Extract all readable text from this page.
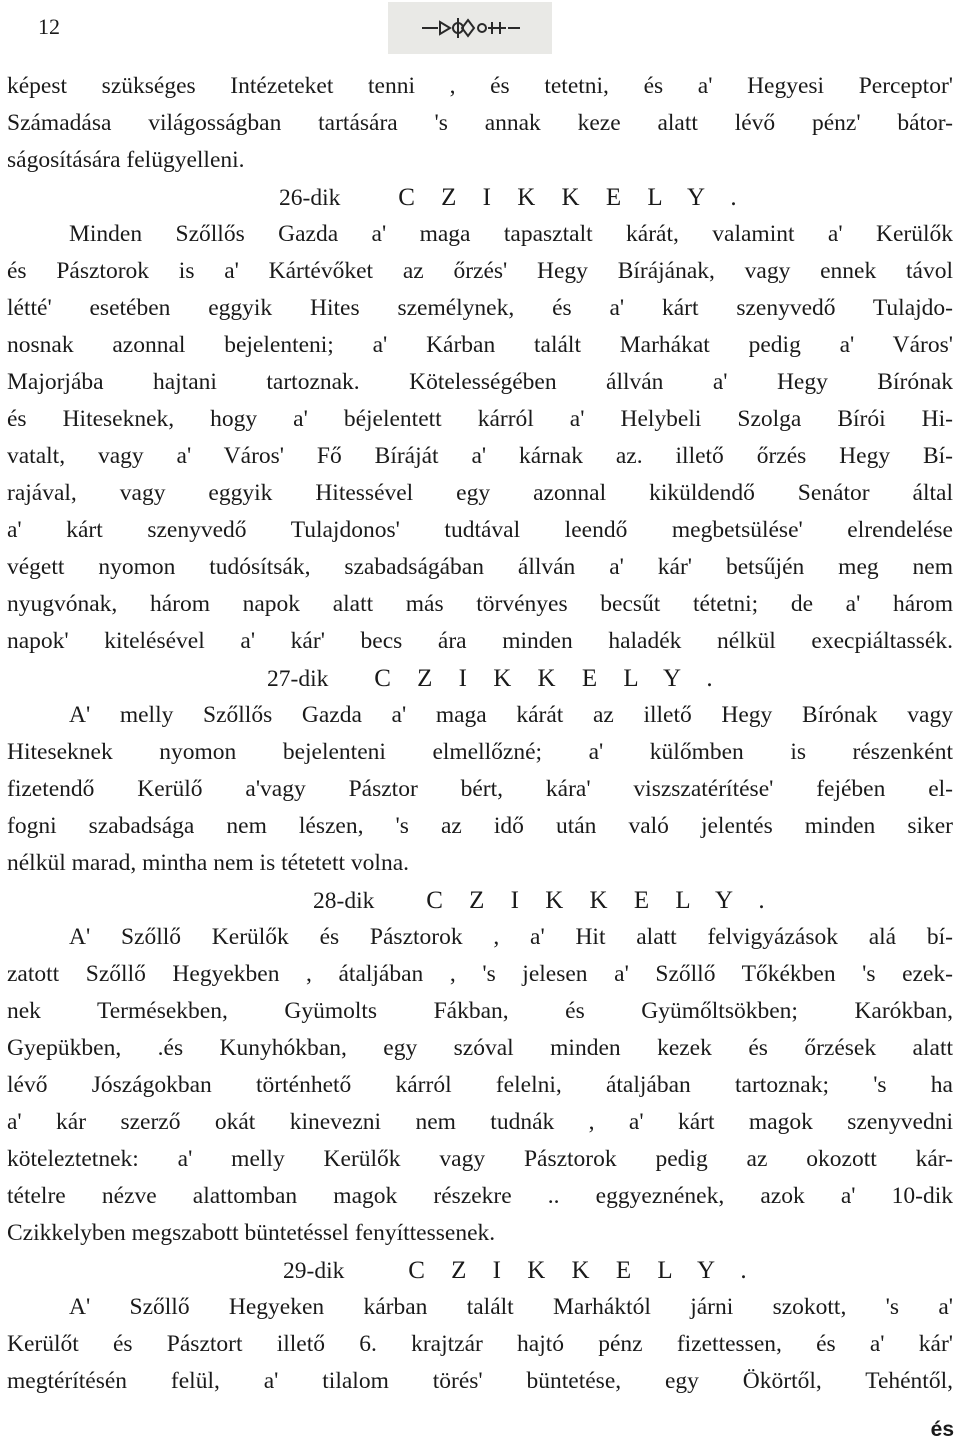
12
képest szükséges Intézeteket tenni , és tetetni, és a' Hegyesi Perceptor'
Számadása világosságban tartására 's annak keze alatt lévő pénz' bátor-
ságosítására felügyelleni.
26-dik C Z I K K E L Y .
Minden Szőllős Gazda a' maga tapasztalt kárát, valamint a' Kerülők
és Pásztorok is a' Kártévőket az őrzés' Hegy Bírájának, vagy ennek távol
létté' esetében eggyik Hites személynek, és a' kárt szenyvedő Tulajdo-
nosnak azonnal bejelenteni; a' Kárban talált Marhákat pedig a' Város'
Majorjába hajtani tartoznak. Kötelességében állván a' Hegy Bírónak
és Hiteseknek, hogy a' béjelentett kárról a' Helybeli Szolga Bírói Hi-
vatalt, vagy a' Város' Fő Bíráját a' kárnak az. illető őrzés Hegy Bí-
rajával, vagy eggyik Hitessével egy azonnal kiküldendő Senátor által
a' kárt szenyvedő Tulajdonos' tudtával leendő megbetsülése' elrendelése
végett nyomon tudósítsák, szabadságában állván a' kár' betsűjén meg nem
nyugvónak, három napok alatt más törvényes becsűt tétetni; de a' három
napok' kitelésével a' kár' becs ára minden haladék nélkül execpiáltassék.
27-dik C Z I K K E L Y .
A' melly Szőllős Gazda a' maga kárát az illető Hegy Bírónak vagy
Hiteseknek nyomon bejelenteni elmellőzné; a' külőmben is részenként
fizetendő Kerülő a'vagy Pásztor bért, kára' viszszatérítése' fejében el-
fogni szabadsága nem lészen, 's az idő után való jelentés minden siker
nélkül marad, mintha nem is tétetett volna.
28-dik C Z I K K E L Y .
A' Szőllő Kerülők és Pásztorok , a' Hit alatt felvigyázások alá bí-
zatott Szőllő Hegyekben , átaljában , 's jelesen a' Szőllő Tőkékben 's ezek-
nek Termésekben, Gyümolts Fákban, és Gyümőltsökben; Karókban,
Gyepükben, .és Kunyhókban, egy szóval minden kezek és őrzések alatt
lévő Jószágokban történhető kárról felelni, átaljában tartoznak; 's ha
a' kár szerző okát kinevezni nem tudnák , a' kárt magok szenyvedni
köteleztetnek: a' melly Kerülők vagy Pásztorok pedig az okozott kár-
tételre nézve alattomban magok részekre .. eggyeznének, azok a' 10-dik
Czikkelyben megszabott büntetéssel fenyíttessenek.
29-dik	C Z I K K E L Y .
A' Szőllő Hegyeken kárban talált Marháktól járni szokott, 's a'
Kerülőt és Pásztort illető 6. krajtzár hajtó pénz fizettessen, és a' kár'
megtérítésén felül, a' tilalom törés' büntetése, egy Ökörtől, Tehéntől,
és
